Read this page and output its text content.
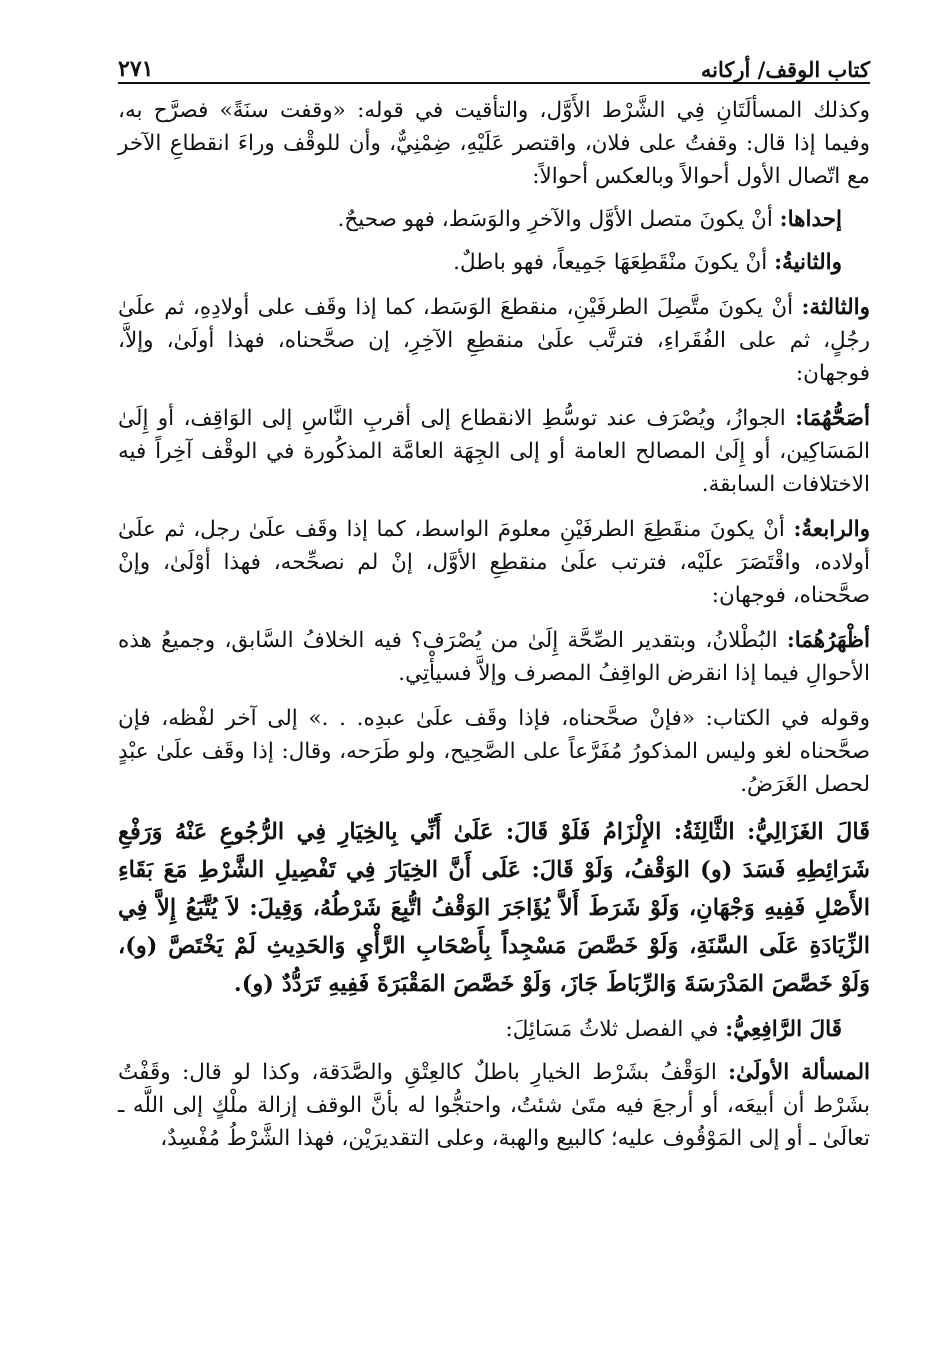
كتاب الوقف/ أركانه
٢٧١

وكذلك المسألَتَانِ فِي الشَّرْط الأَوَّل، والتأقيت في قوله: «وقفت سنَةً» فصرَّح به، وفيما إذا قال: وقفتُ على فلان، واقتصر عَلَيْهِ، ضِمْنِيٌّ، وأن للوقْف وراءَ انقطاعِ الآخر مع اتّصال الأول أحوالاً وبالعكس أحوالاً:

إحداها: أنْ يكونَ متصل الأوَّل والآخرِ والوَسَط، فهو صحيحٌ.

والثانيةُ: أنْ يكونَ منْقَطِعَهَا جَمِيعاً، فهو باطلٌ.

والثالثة: أنْ يكونَ متَّصِلَ الطرفَيْنِ، منقطعَ الوَسَط، كما إذا وقَف على أولادِهِ، ثم علَىٰ رجُلٍ، ثم على الفُقَراءِ، فترتَّب علَىٰ منقطِعِ الآخِرِ، إن صحَّحناه، فهذا أولَىٰ، وإلاَّ، فوجهان:

أصَحُّهُمَا: الجوازُ، ويُصْرَف عند توسُّطِ الانقطاع إلى أقربِ النَّاسِ إلى الوَاقِف، أو إِلَىٰ المَسَاكِين، أو إِلَىٰ المصالح العامة أو إلى الجِهَة العامَّة المذكُورة في الوقْف آخِراً فيه الاختلافات السابقة.

والرابعةُ: أنْ يكونَ منقَطِعَ الطرفَيْنِ معلومَ الواسط، كما إذا وقَف علَىٰ رجل، ثم علَىٰ أولاده، واقْتَصَرَ علَيْه، فترتب علَىٰ منقطِعِ الأوَّل، إنْ لم نصحِّحه، فهذا أوْلَىٰ، وإنْ صحَّحناه، فوجهان:

أظْهَرُهُمَا: البُطْلانُ، وبتقدير الصِّحَّة إِلَىٰ من يُصْرَف؟ فيه الخلافُ السَّابق، وجميعُ هذه الأحوالِ فيما إذا انقرض الواقِفُ المصرف وإلاَّ فسيأْتِي.

وقوله في الكتاب: «فإنْ صحَّحناه، فإذا وقَف علَىٰ عبدِه. . .» إلى آخر لفْظه، فإن صحَّحناه لغو وليس المذكورُ مُفَرَّعاً على الصَّحِيح، ولو طَرَحه، وقال: إذا وقَف علَىٰ عبْدٍ لحصل الغَرَضُ.

قَالَ الغَزَالِيُّ: الثَّالِثَةُ: الإِلْزَامُ فَلَوْ قَالَ: عَلَىٰ أَنِّي بِالخِيَارِ فِي الرُّجُوعِ عَنْهُ وَرَفْعِ شَرَائِطِهِ فَسَدَ (و) الوَقْفُ، وَلَوْ قَالَ: عَلَى أَنَّ الخِيَارَ فِي تَفْصِيلِ الشَّرْطِ مَعَ بَقَاءِ الأَصْلِ فَفِيهِ وَجْهَانِ، وَلَوْ شَرَطَ أَلاَّ يُؤَاجَرَ الوَقْفُ اتُّبِعَ شَرْطُهُ، وَقِيلَ: لاَ يُتَّبَعُ إِلاَّ فِي الزِّيَادَةِ عَلَى السَّنَةِ، وَلَوْ خَصَّصَ مَسْجِداً بِأَصْحَابِ الرَّأْيِ وَالحَدِيثِ لَمْ يَخْتَصَّ (و)، وَلَوْ خَصَّصَ المَدْرَسَةَ وَالرِّبَاطَ جَازَ، وَلَوْ خَصَّصَ المَقْبَرَةَ فَفِيهِ تَرَدُّدٌ (و).

قَالَ الرَّافِعِيُّ: في الفصل ثلاثُ مَسَائِلَ:

المسألة الأولَىٰ: الوَقْفُ بشَرْط الخيارِ باطلٌ كالعِتْقِ والصَّدَقة، وكذا لو قال: وقَفْتُ بشَرْط أن أبيعَه، أو أرجعَ فيه متَىٰ شئتُ، واحتجُّوا له بأنَّ الوقف إزالة ملْكٍ إلى اللَّه ـ تعالَىٰ ـ أو إلى المَوْقُوف عليه؛ كالبيع والهبة، وعلى التقديرَيْن، فهذا الشَّرْطُ مُفْسِدٌ،
